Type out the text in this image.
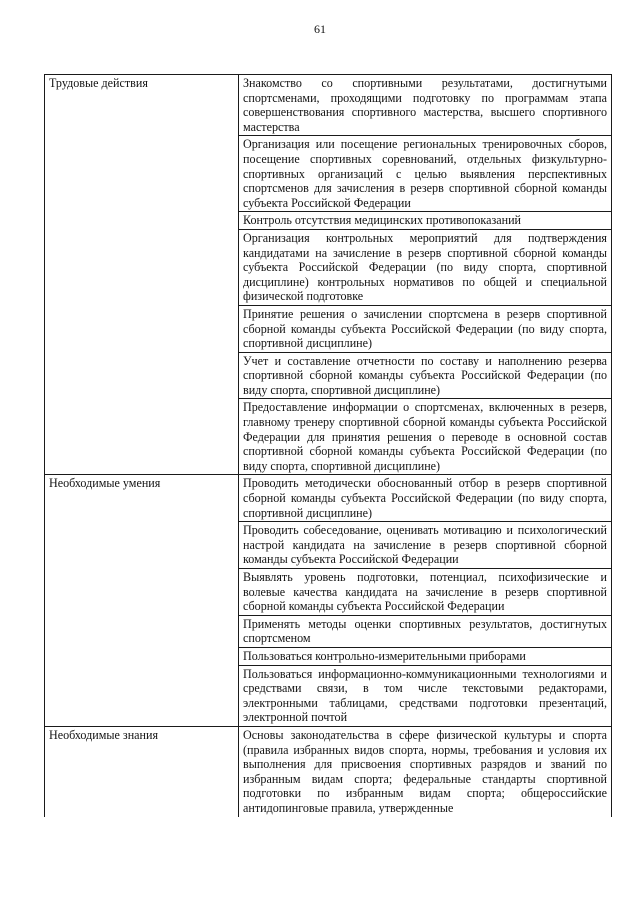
61
Трудовые действия	Знакомство со спортивными результатами, достигнутыми спортсменами, проходящими подготовку по программам этапа совершенствования спортивного мастерства, высшего спортивного мастерства

	Организация или посещение региональных тренировочных сборов, посещение спортивных соревнований, отдельных физкультурно-спортивных организаций с целью выявления перспективных спортсменов для зачисления в резерв спортивной сборной команды субъекта Российской Федерации

	Контроль отсутствия медицинских противопоказаний

	Организация контрольных мероприятий для подтверждения кандидатами на зачисление в резерв спортивной сборной команды субъекта Российской Федерации (по виду спорта, спортивной дисциплине) контрольных нормативов по общей и специальной физической подготовке

	Принятие решения о зачислении спортсмена в резерв спортивной сборной команды субъекта Российской Федерации (по виду спорта, спортивной дисциплине)

	Учет и составление отчетности по составу и наполнению резерва спортивной сборной команды субъекта Российской Федерации (по виду спорта, спортивной дисциплине)

	Предоставление информации о спортсменах, включенных в резерв, главному тренеру спортивной сборной команды субъекта Российской Федерации для принятия решения о переводе в основной состав спортивной сборной команды субъекта Российской Федерации (по виду спорта, спортивной дисциплине)

Необходимые умения	Проводить методически обоснованный отбор в резерв спортивной сборной команды субъекта Российской Федерации (по виду спорта, спортивной дисциплине)

	Проводить собеседование, оценивать мотивацию и психологический настрой кандидата на зачисление в резерв спортивной сборной команды субъекта Российской Федерации

	Выявлять уровень подготовки, потенциал, психофизические и волевые качества кандидата на зачисление в резерв спортивной сборной команды субъекта Российской Федерации

	Применять методы оценки спортивных результатов, достигнутых спортсменом

	Пользоваться контрольно-измерительными приборами

	Пользоваться информационно-коммуникационными технологиями и средствами связи, в том числе текстовыми редакторами, электронными таблицами, средствами подготовки презентаций, электронной почтой

Необходимые знания	Основы законодательства в сфере физической культуры и спорта (правила избранных видов спорта, нормы, требования и условия их выполнения для присвоения спортивных разрядов и званий по избранным видам спорта; федеральные стандарты спортивной подготовки по избранным видам спорта; общероссийские антидопинговые правила, утвержденные
